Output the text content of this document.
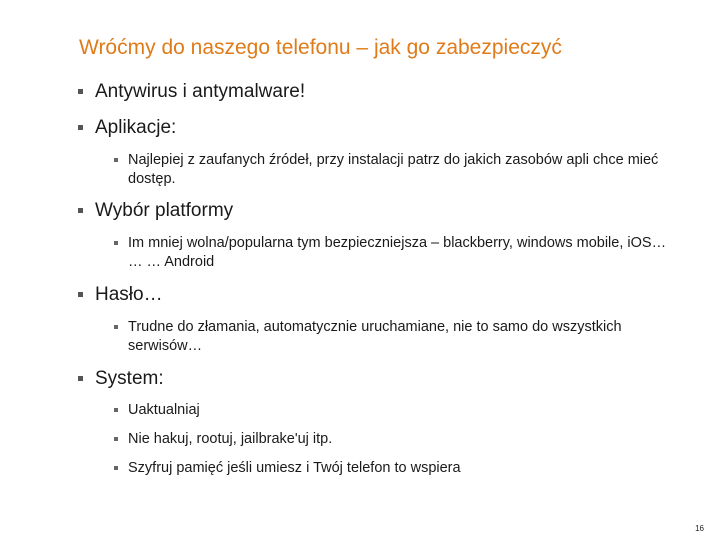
Wróćmy do naszego telefonu – jak go zabezpieczyć
Antywirus i antymalware!
Aplikacje:
Najlepiej z zaufanych źródeł, przy instalacji patrz do jakich zasobów apli chce mieć dostęp.
Wybór platformy
Im mniej wolna/popularna tym bezpieczniejsza – blackberry, windows mobile, iOS… … … Android
Hasło…
Trudne do złamania, automatycznie uruchamiane, nie to samo do wszystkich serwisów…
System:
Uaktualniaj
Nie hakuj, rootuj, jailbrake'uj itp.
Szyfruj pamięć jeśli umiesz i Twój telefon to wspiera
16
